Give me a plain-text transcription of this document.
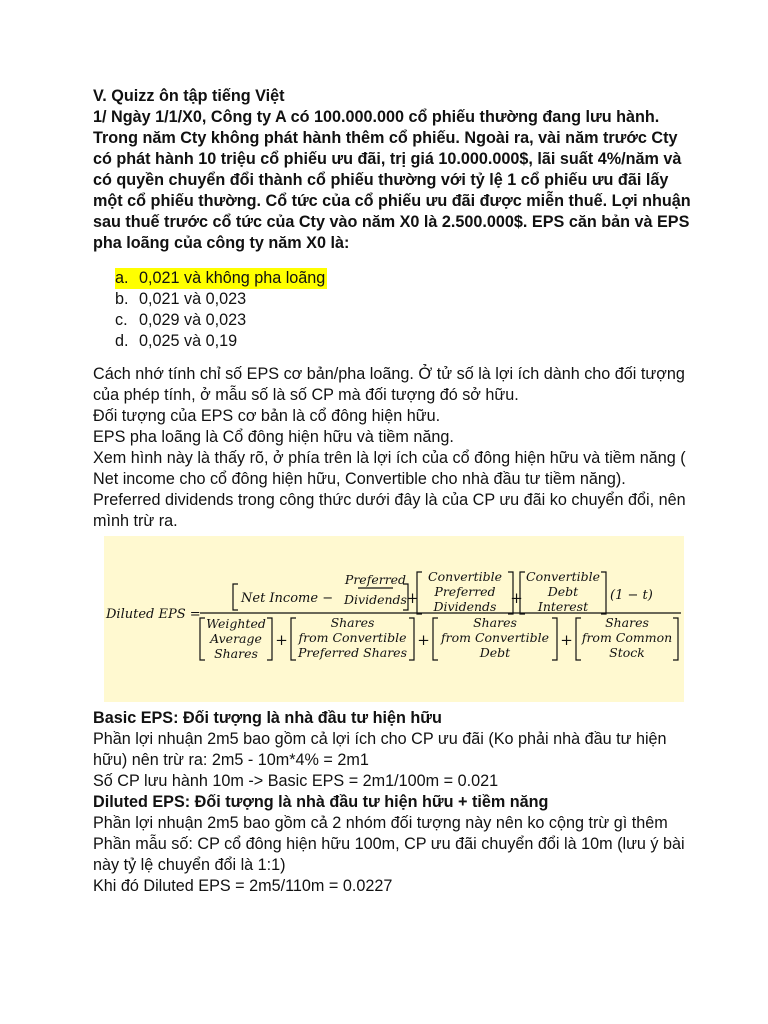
V. Quizz ôn tập tiếng Việt

1/ Ngày 1/1/X0, Công ty A có 100.000.000 cổ phiếu thường đang lưu hành. Trong năm Cty không phát hành thêm cổ phiếu. Ngoài ra, vài năm trước Cty có phát hành 10 triệu cổ phiếu ưu đãi, trị giá 10.000.000$, lãi suất 4%/năm và có quyền chuyển đổi thành cổ phiếu thường với tỷ lệ 1 cổ phiếu ưu đãi lấy một cổ phiếu thường. Cổ tức của cổ phiếu ưu đãi được miễn thuế. Lợi nhuận sau thuế trước cổ tức của Cty vào năm X0 là 2.500.000$. EPS căn bản và EPS pha loãng của công ty năm X0 là:

a. 0,021 và không pha loãng
b. 0,021 và 0,023
c. 0,029 và 0,023
d. 0,025 và 0,19

Cách nhớ tính chỉ số EPS cơ bản/pha loãng. Ở tử số là lợi ích dành cho đối tượng của phép tính, ở mẫu số là số CP mà đối tượng đó sở hữu.

Đối tượng của EPS cơ bản là cổ đông hiện hữu.

EPS pha loãng là Cổ đông hiện hữu và tiềm năng.

Xem hình này là thấy rõ, ở phía trên là lợi ích của cổ đông hiện hữu và tiềm năng ( Net income cho cổ đông hiện hữu, Convertible cho nhà đầu tư tiềm năng). Preferred dividends trong công thức dưới đây là của CP ưu đãi ko chuyển đổi, nên mình trừ ra.

Diluted EPS =
Net Income −
Preferred
Dividends +
Convertible
Preferred
Dividends +
Convertible
Debt
Interest
(1 − t)
Weighted
Average
Shares
+
Shares
from Convertible
Preferred Shares
+
Shares
from Convertible
Debt
+
Shares
from Common
Stock

Basic EPS: Đối tượng là nhà đầu tư hiện hữu

Phần lợi nhuận 2m5 bao gồm cả lợi ích cho CP ưu đãi (Ko phải nhà đầu tư hiện hữu) nên trừ ra: 2m5 - 10m*4% = 2m1

Số CP lưu hành 10m -> Basic EPS = 2m1/100m = 0.021

Diluted EPS: Đối tượng là nhà đầu tư hiện hữu + tiềm năng

Phần lợi nhuận 2m5 bao gồm cả 2 nhóm đối tượng này nên ko cộng trừ gì thêm

Phần mẫu số: CP cổ đông hiện hữu 100m, CP ưu đãi chuyển đổi là 10m (lưu ý bài này tỷ lệ chuyển đổi là 1:1)

Khi đó Diluted EPS = 2m5/110m = 0.0227
